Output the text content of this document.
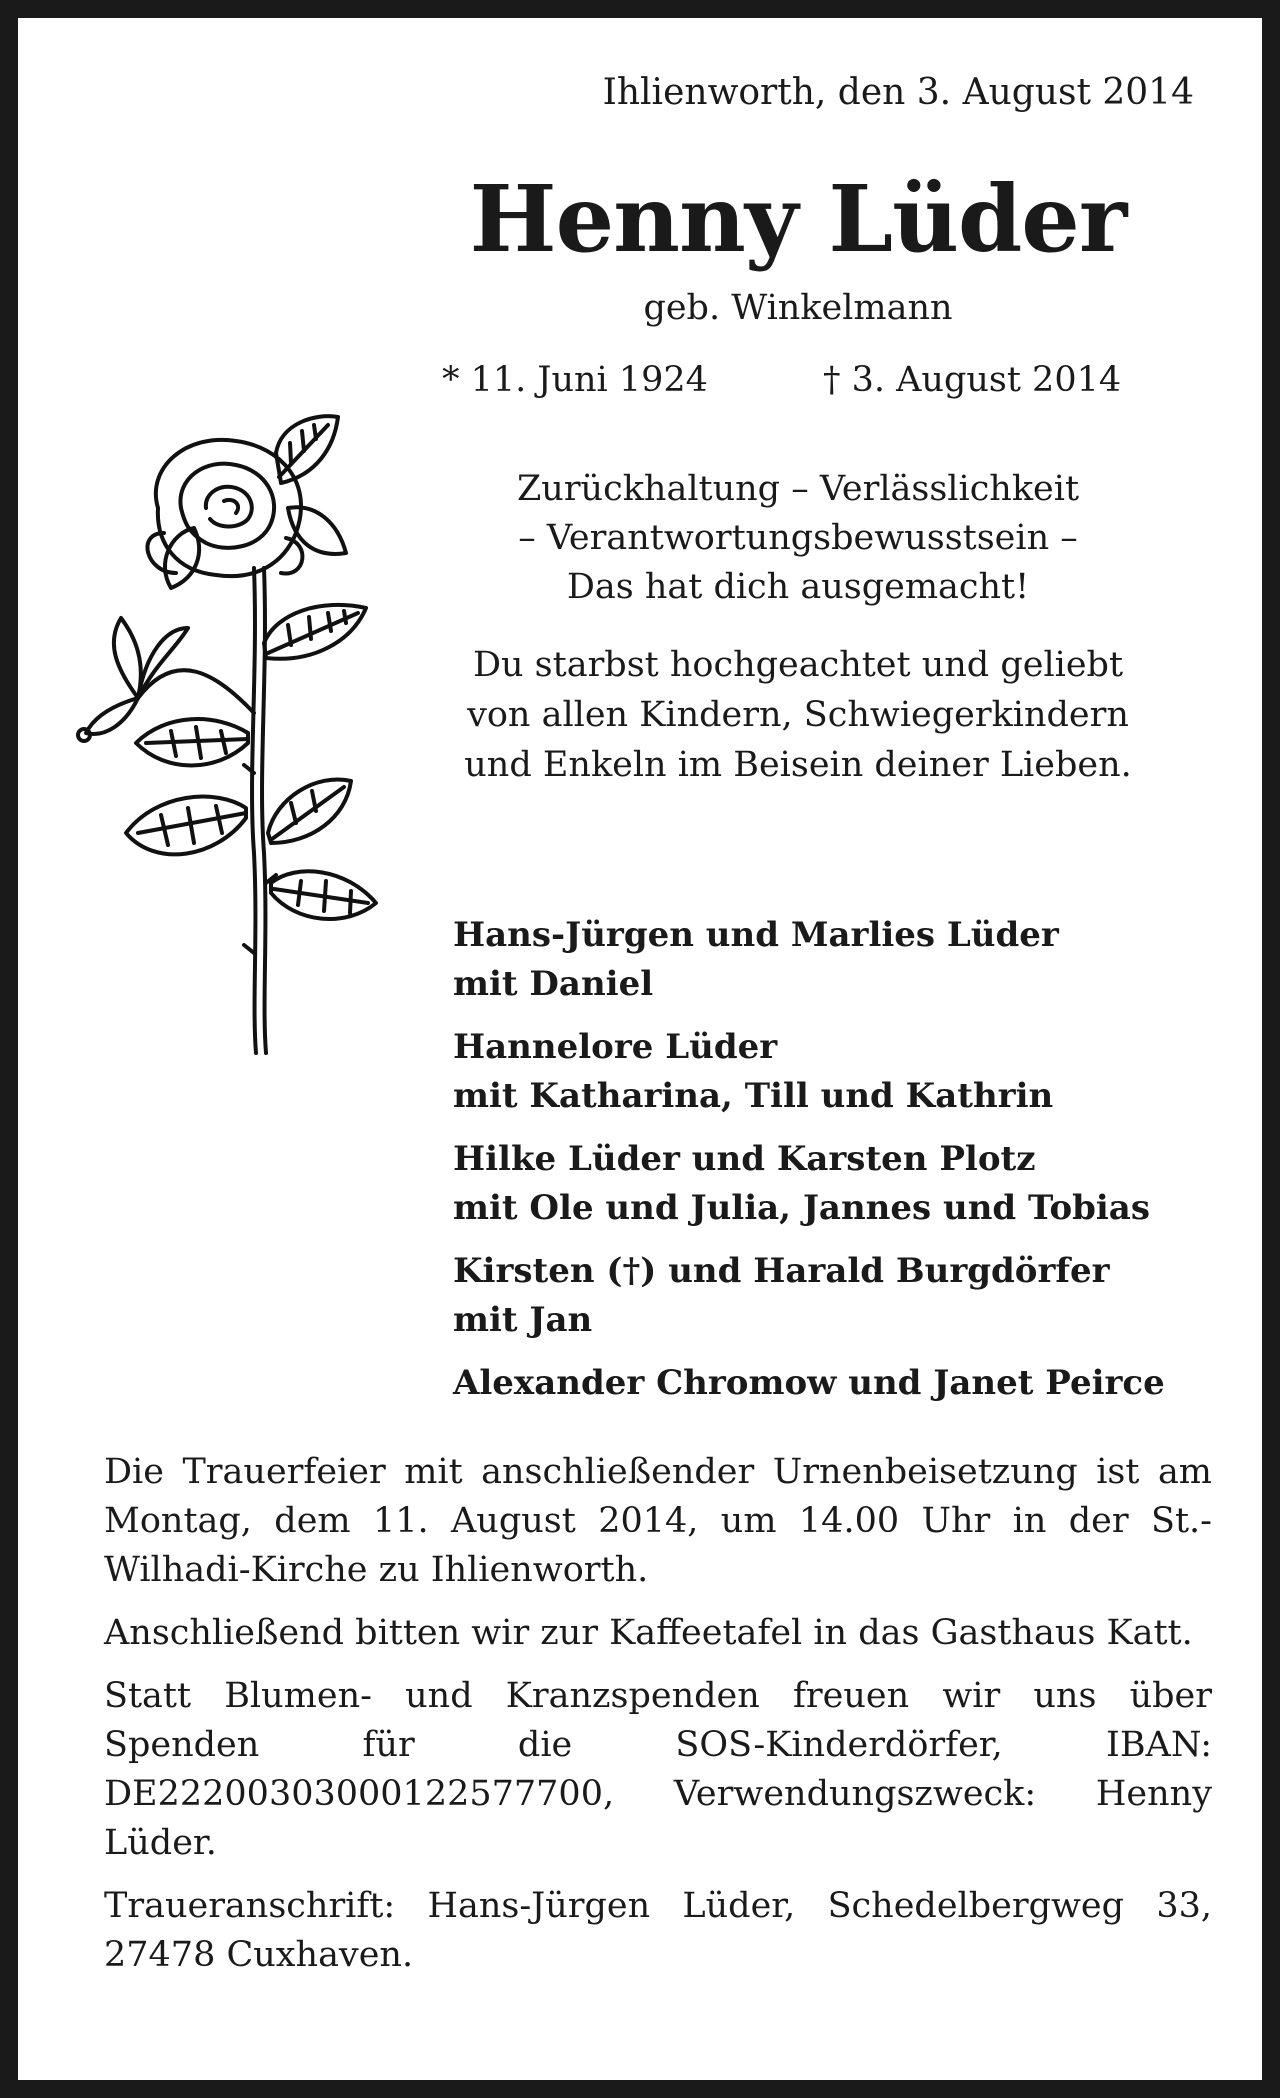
Ihlienworth, den 3. August 2014
Henny Lüder
geb. Winkelmann
* 11. Juni 1924	† 3. August 2014
Zurückhaltung – Verlässlichkeit
– Verantwortungsbewusstsein –
Das hat dich ausgemacht!
Du starbst hochgeachtet und geliebt
von allen Kindern, Schwiegerkindern
und Enkeln im Beisein deiner Lieben.
Hans-Jürgen und Marlies Lüder
mit Daniel
Hannelore Lüder
mit Katharina, Till und Kathrin
Hilke Lüder und Karsten Plotz
mit Ole und Julia, Jannes und Tobias
Kirsten (†) und Harald Burgdörfer
mit Jan
Alexander Chromow und Janet Peirce

Die Trauerfeier mit anschließender Urnenbeisetzung ist am Montag, dem 11. August 2014, um 14.00 Uhr in der St.-Wilhadi-Kirche zu Ihlienworth.

Anschließend bitten wir zur Kaffeetafel in das Gasthaus Katt.

Statt Blumen- und Kranzspenden freuen wir uns über Spenden für die SOS-Kinderdörfer, IBAN: DE22200303000122577700, Verwendungszweck: Henny Lüder.

Traueranschrift: Hans-Jürgen Lüder, Schedelbergweg 33, 27478 Cuxhaven.
